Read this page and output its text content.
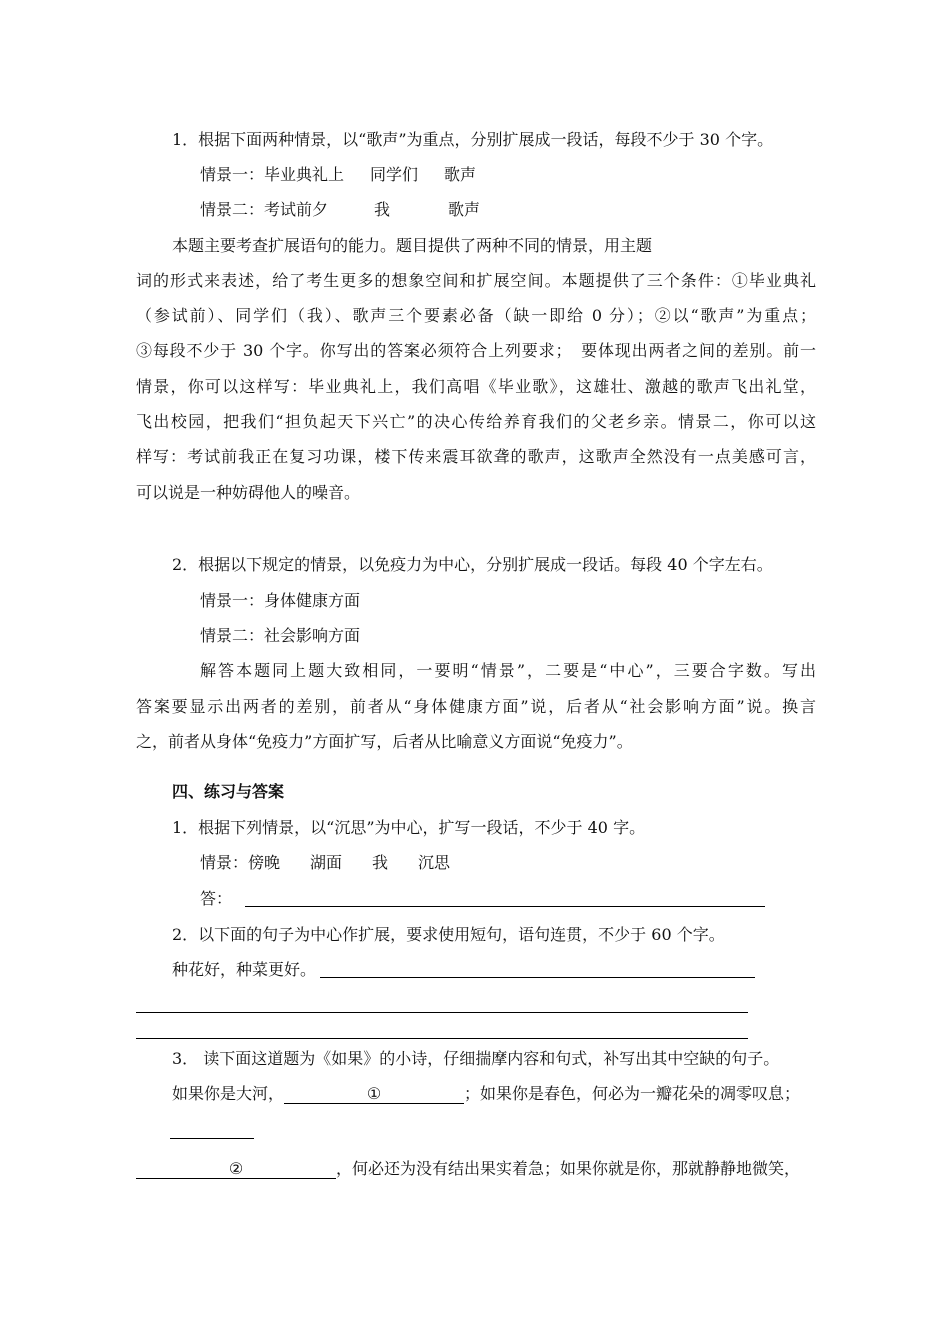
1．根据下面两种情景，以“歌声”为重点，分别扩展成一段话，每段不少于 30 个字。
情景一：毕业典礼上 同学们 歌声
情景二：考试前夕	我	歌声
本题主要考查扩展语句的能力。题目提供了两种不同的情景，用主题
词的形式来表述，给了考生更多的想象空间和扩展空间。本题提供了三个条件：①毕业典礼
（参试前）、同学们（我）、歌声三个要素必备（缺一即给 0 分）；②以“歌声”为重点；
③每段不少于 30 个字。你写出的答案必须符合上列要求；　要体现出两者之间的差别。前一
情景，你可以这样写：毕业典礼上，我们高唱《毕业歌》，这雄壮、激越的歌声飞出礼堂，
飞出校园，把我们“担负起天下兴亡”的决心传给养育我们的父老乡亲。情景二，你可以这
样写：考试前我正在复习功课，楼下传来震耳欲聋的歌声，这歌声全然没有一点美感可言，
可以说是一种妨碍他人的噪音。
2．根据以下规定的情景，以免疫力为中心，分别扩展成一段话。每段 40 个字左右。
情景一：身体健康方面
情景二：社会影响方面
解答本题同上题大致相同，一要明“情景”，二要是“中心”，三要合字数。写出
答案要显示出两者的差别，前者从“身体健康方面”说，后者从“社会影响方面”说。换言
之，前者从身体“免疫力”方面扩写，后者从比喻意义方面说“免疫力”。
四、练习与答案
1．根据下列情景，以“沉思”为中心，扩写一段话，不少于 40 字。
情景：傍晚 湖面 我 沉思
答：
2．以下面的句子为中心作扩展，要求使用短句，语句连贯，不少于 60 个字。
种花好，种菜更好。
3． 读下面这道题为《如果》的小诗，仔细揣摩内容和句式，补写出其中空缺的句子。
如果你是大河，	①	；如果你是春色，何必为一瓣花朵的凋零叹息；
②	，何必还为没有结出果实着急；如果你就是你，那就静静地微笑，
